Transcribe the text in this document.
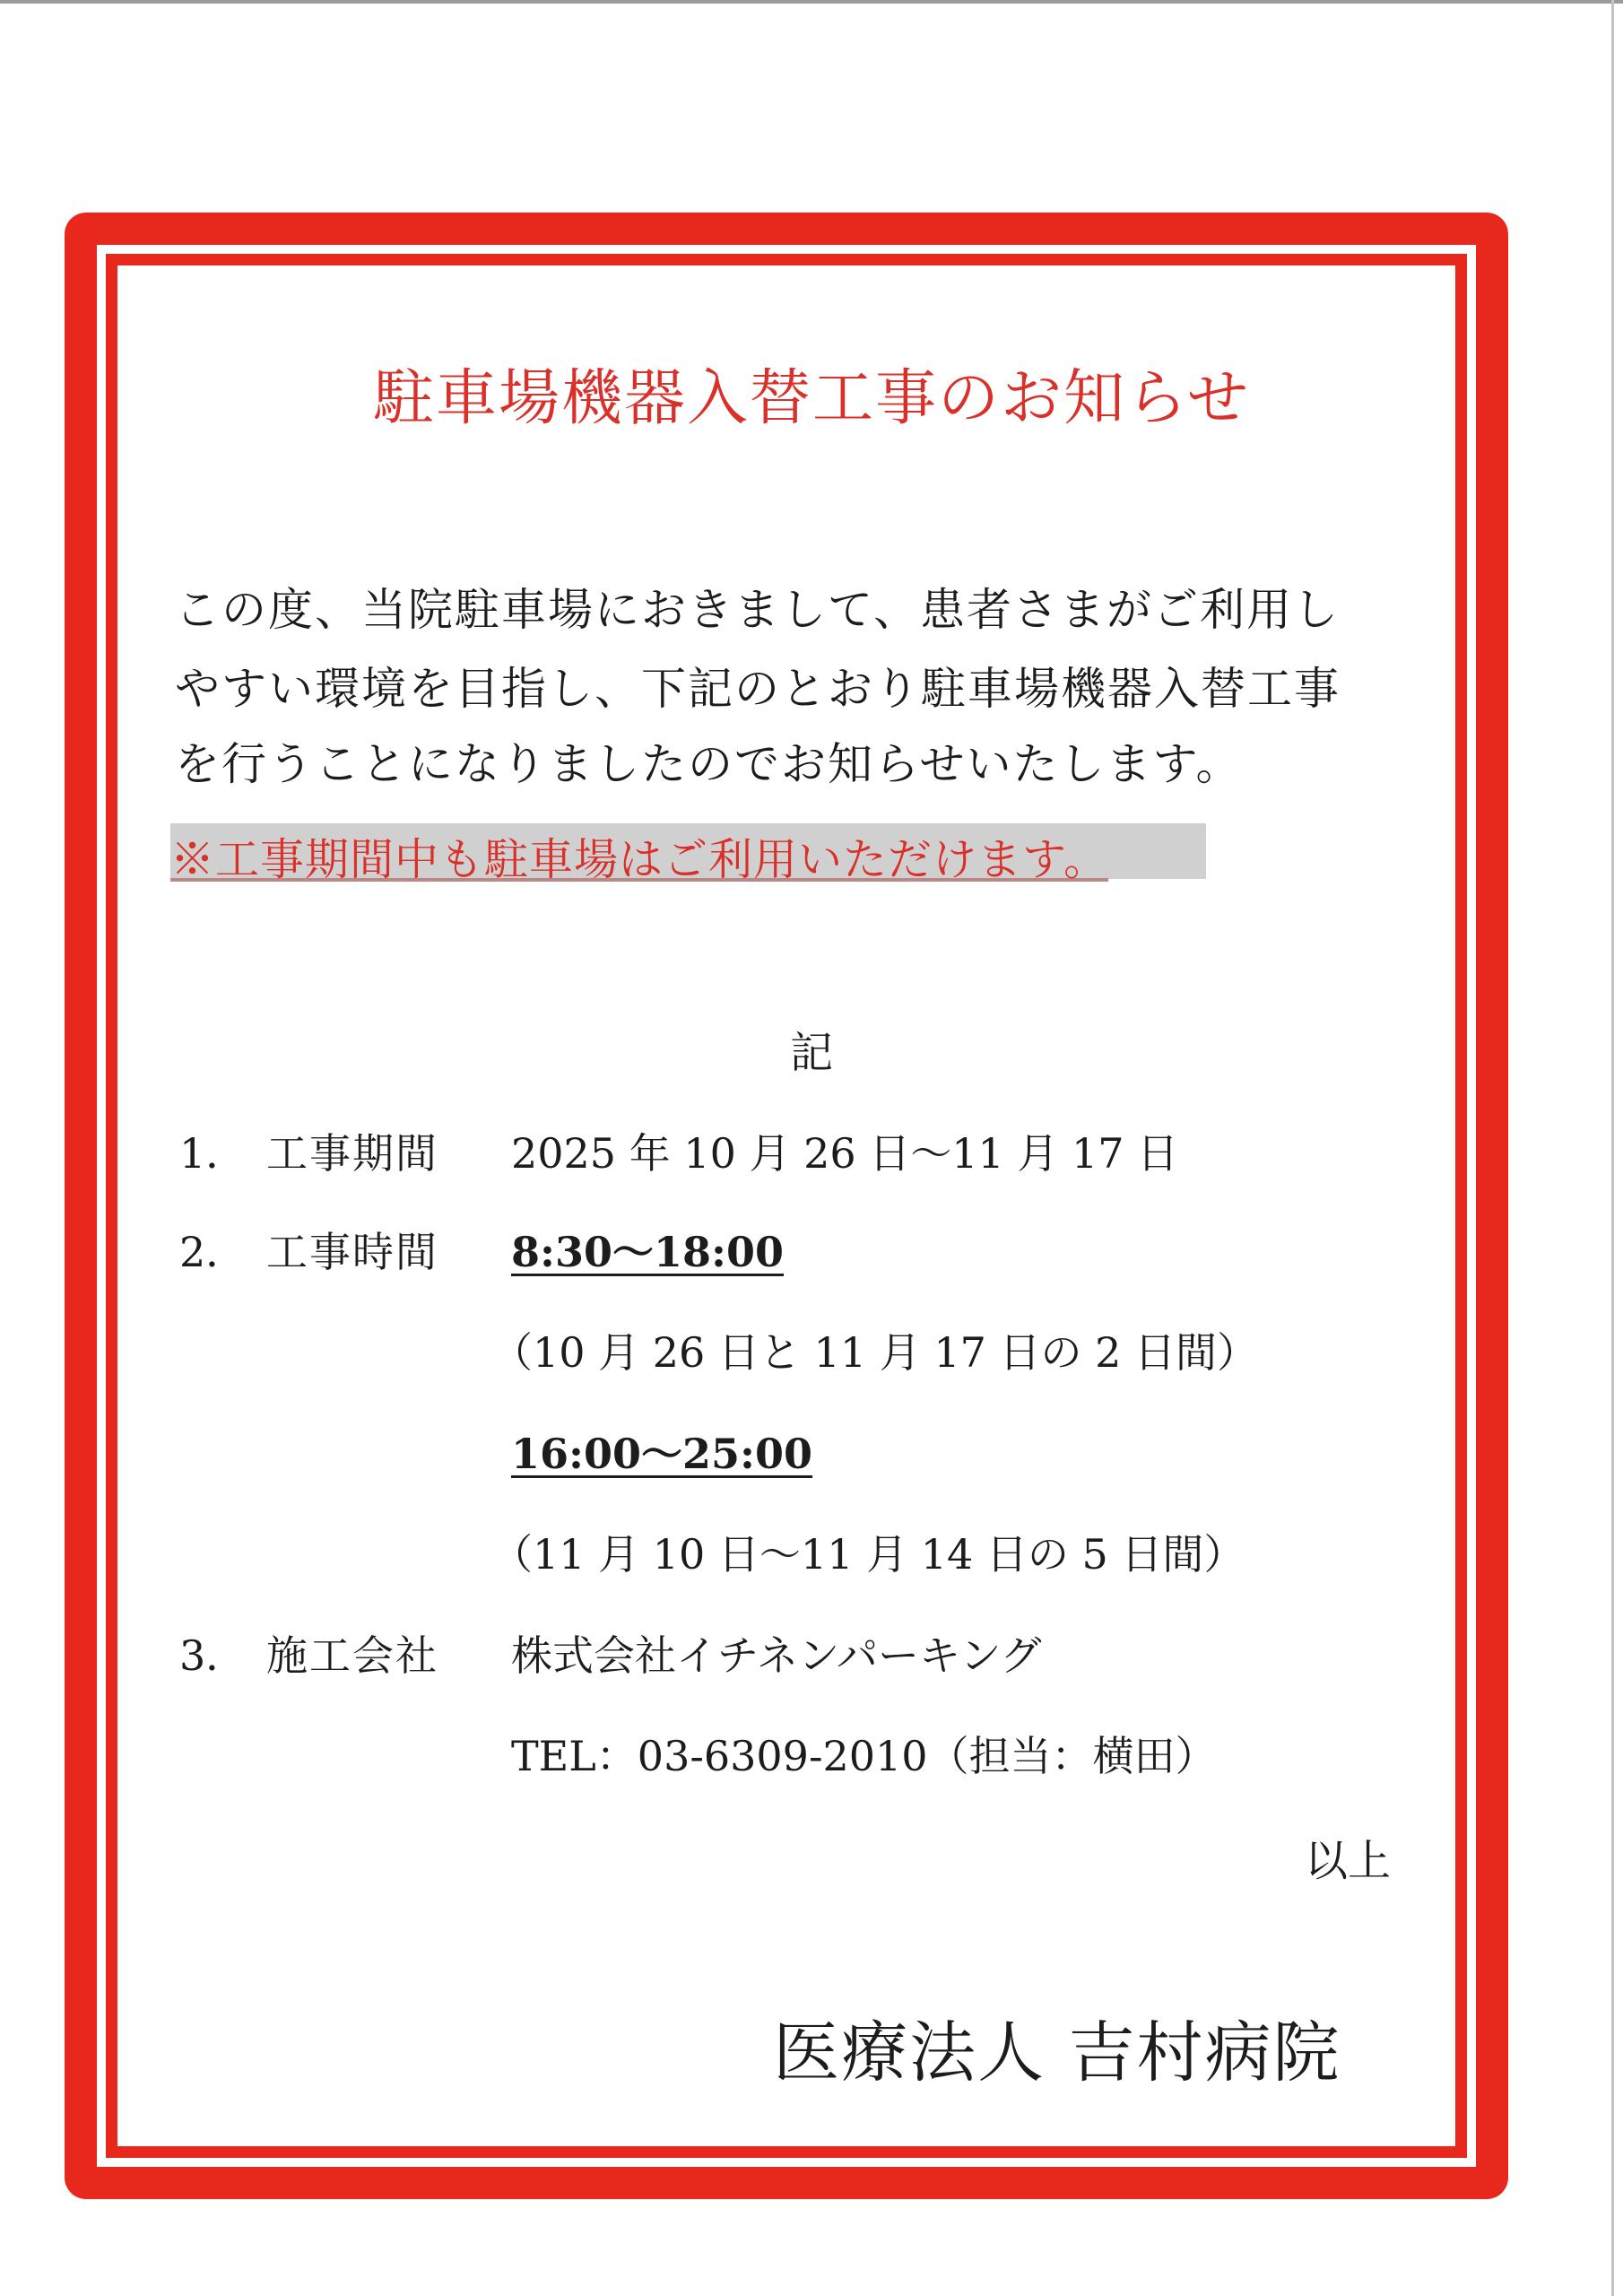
駐車場機器入替工事のお知らせ
この度、当院駐車場におきまして、患者さまがご利用し
やすい環境を目指し、下記のとおり駐車場機器入替工事
を行うことになりましたのでお知らせいたします。
※工事期間中も駐車場はご利用いただけます。
記
1． 工事期間 2025 年 10 月 26 日～11 月 17 日
2． 工事時間 8:30～18:00
（10 月 26 日と 11 月 17 日の 2 日間）
16:00～25:00
（11 月 10 日～11 月 14 日の 5 日間）
3． 施工会社 株式会社イチネンパーキング
TEL：03-6309-2010（担当：横田）
以上
医療法人 吉村病院
